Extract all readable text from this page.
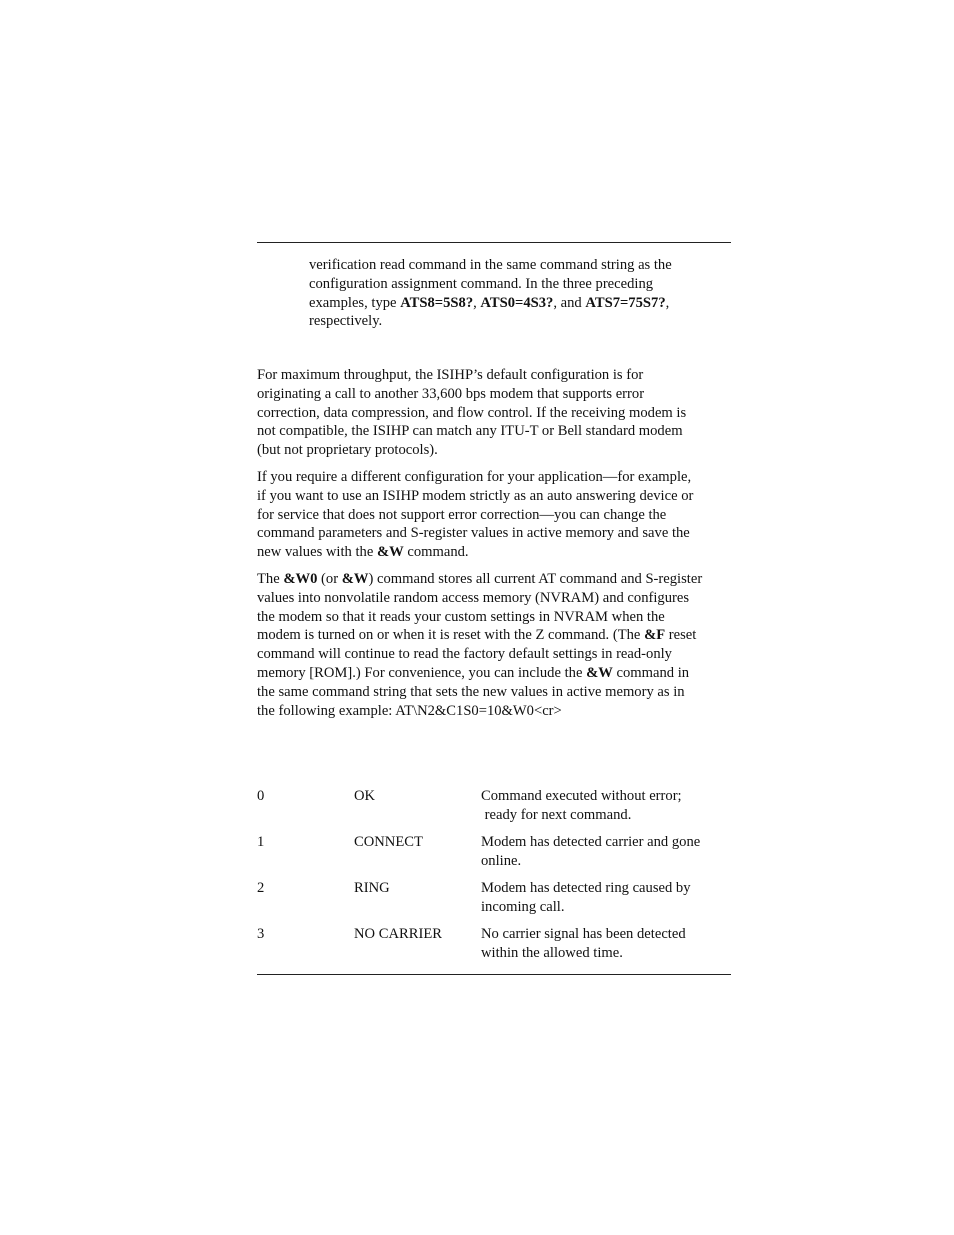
verification read command in the same command string as the
configuration assignment command. In the three preceding
examples, type ATS8=5S8?, ATS0=4S3?, and ATS7=75S7?,
respectively.

For maximum throughput, the ISIHP’s default configuration is for
originating a call to another 33,600 bps modem that supports error
correction, data compression, and flow control. If the receiving modem is
not compatible, the ISIHP can match any ITU-T or Bell standard modem
(but not proprietary protocols).

If you require a different configuration for your application—for example,
if you want to use an ISIHP modem strictly as an auto answering device or
for service that does not support error correction—you can change the
command parameters and S-register values in active memory and save the
new values with the &W command.

The &W0 (or &W) command stores all current AT command and S-register
values into nonvolatile random access memory (NVRAM) and configures
the modem so that it reads your custom settings in NVRAM when the
modem is turned on or when it is reset with the Z command. (The &F reset
command will continue to read the factory default settings in read-only
memory [ROM].) For convenience, you can include the &W command in
the same command string that sets the new values in active memory as in
the following example: AT\N2&C1S0=10&W0<cr>

0	OK	Command executed without error;
ready for next command.
1	CONNECT	Modem has detected carrier and gone
online.
2	RING	Modem has detected ring caused by
incoming call.
3	NO CARRIER	No carrier signal has been detected
within the allowed time.
